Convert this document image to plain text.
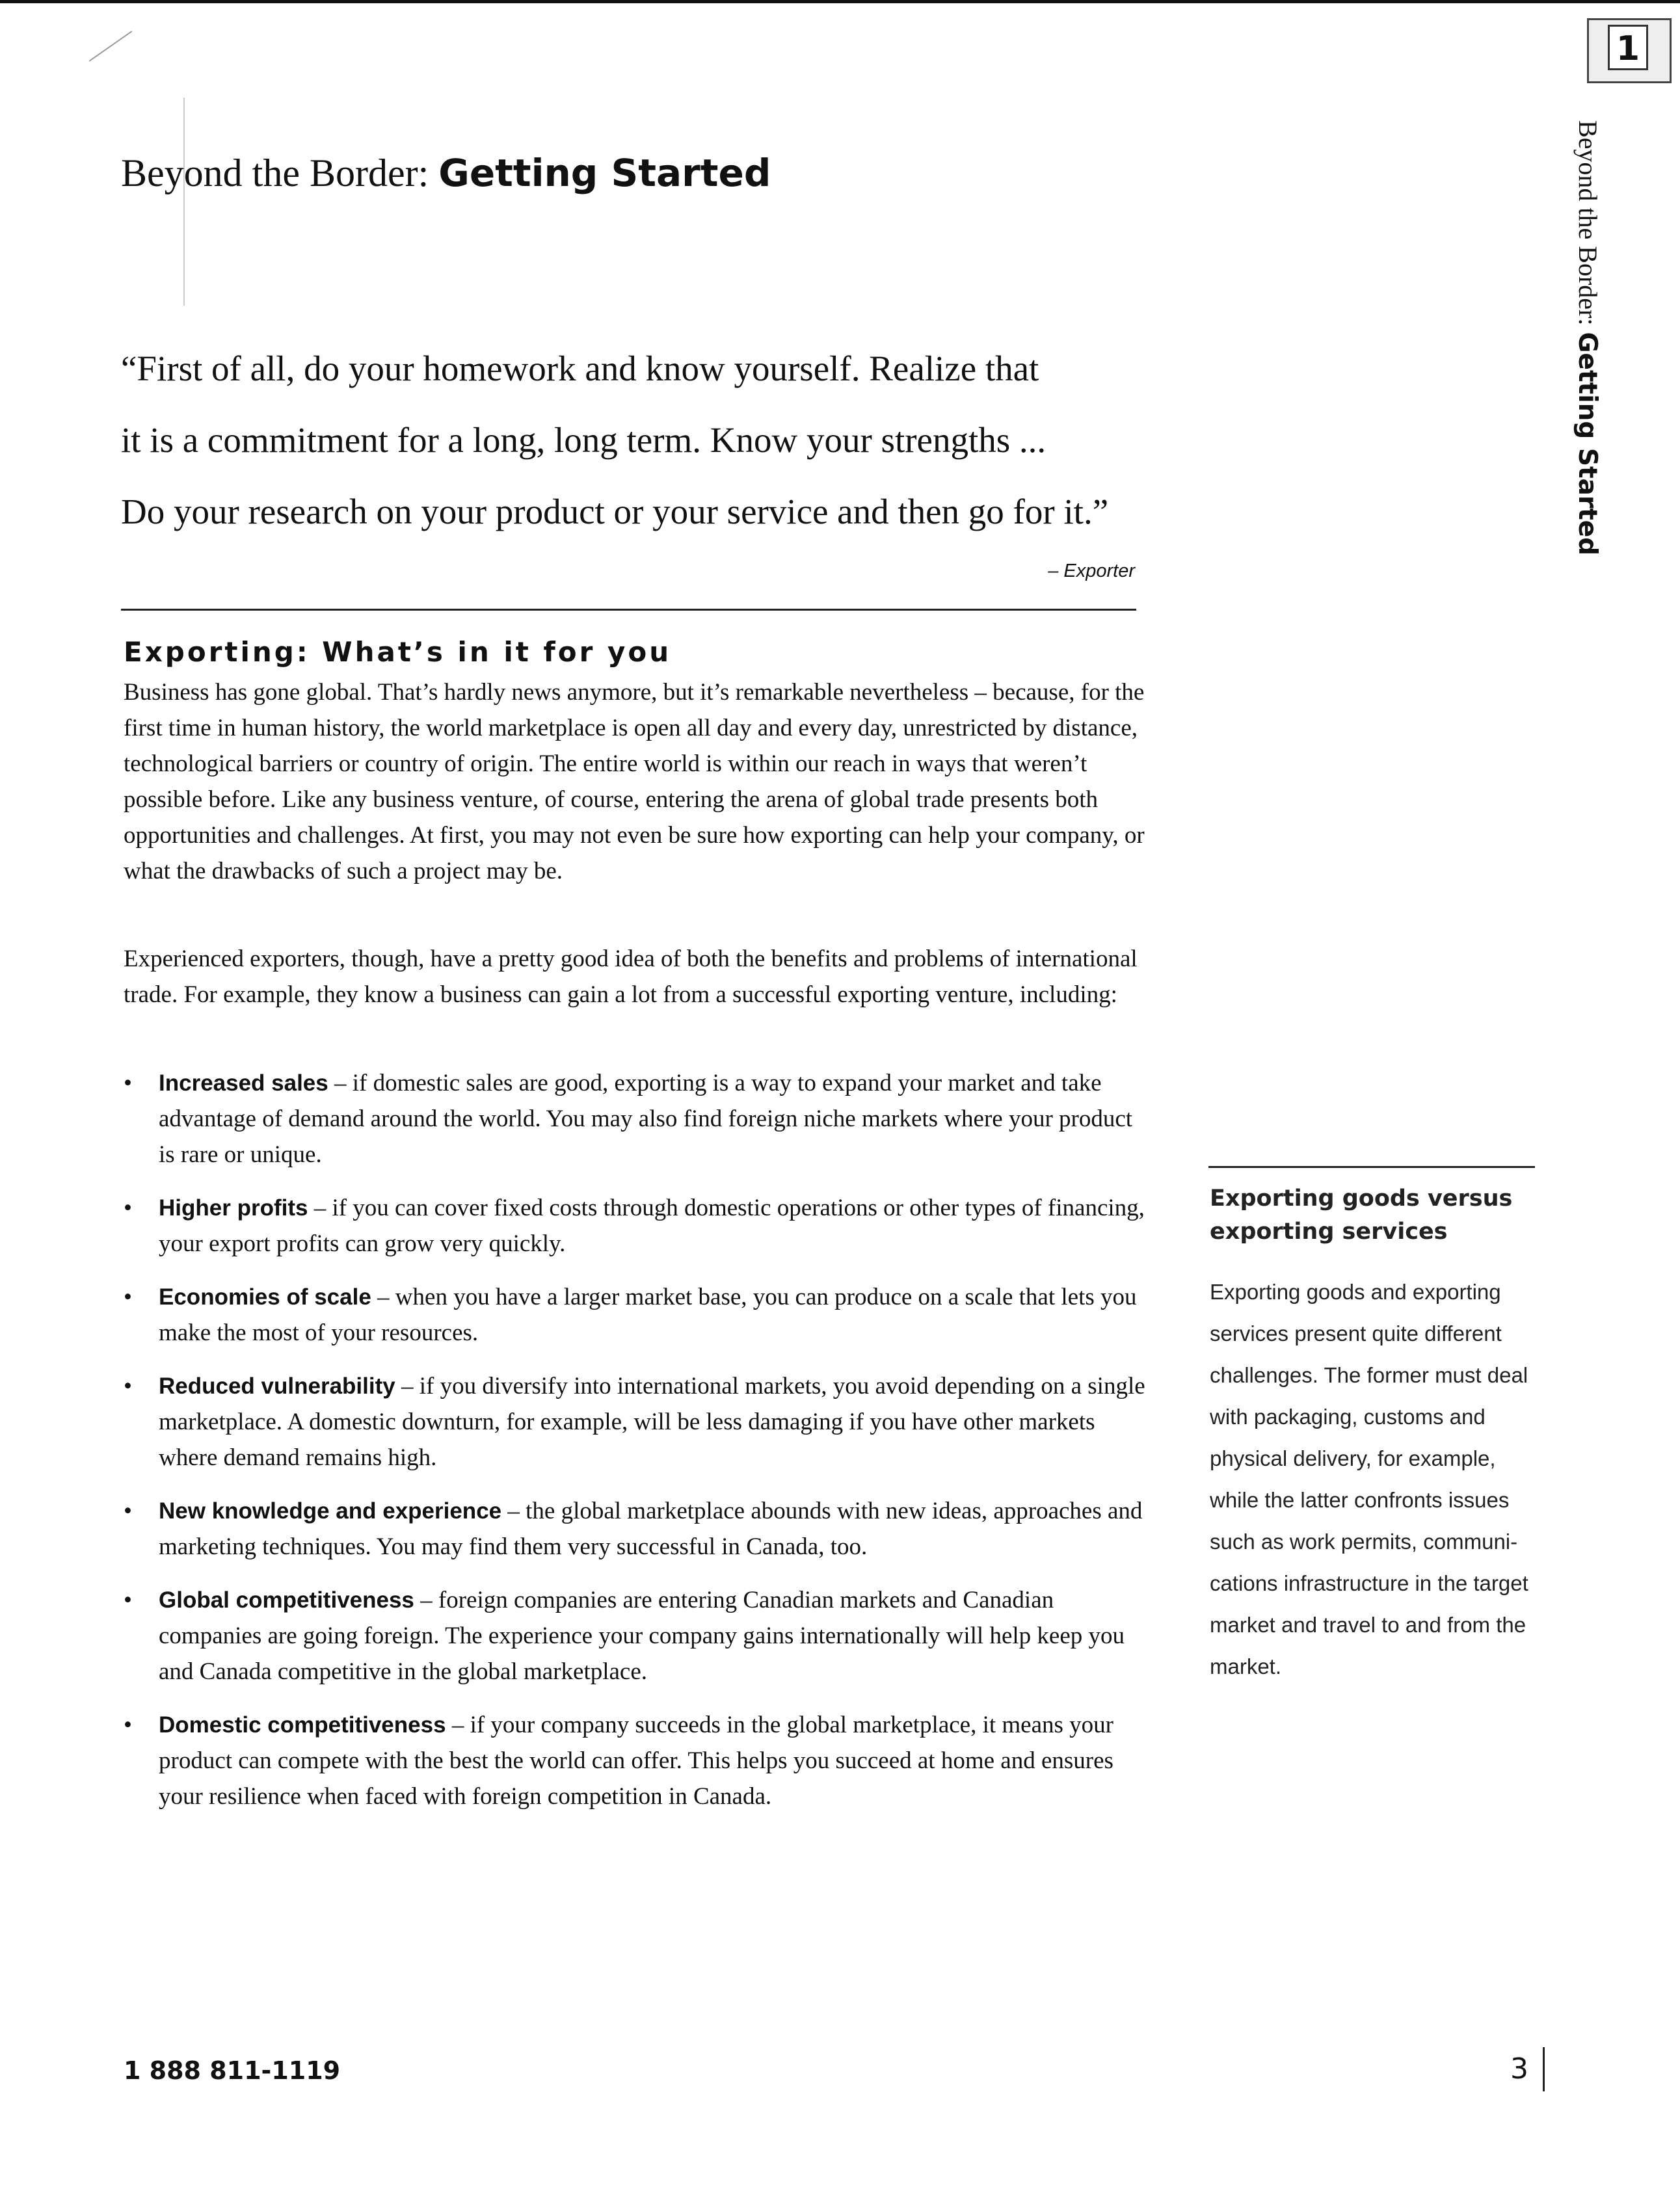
1
Beyond the Border: Getting Started
Beyond the Border: Getting Started
“First of all, do your homework and know yourself. Realize that
it is a commitment for a long, long term. Know your strengths ...
Do your research on your product or your service and then go for it.”
– Exporter
Exporting: What’s in it for you

Business has gone global. That’s hardly news anymore, but it’s remarkable nevertheless – because, for the first time in human history, the world marketplace is open all day and every day, unrestricted by distance, technological barriers or country of origin. The entire world is within our reach in ways that weren’t possible before. Like any business venture, of course, entering the arena of global trade presents both opportunities and challenges. At first, you may not even be sure how exporting can help your company, or what the drawbacks of such a project may be.

Experienced exporters, though, have a pretty good idea of both the benefits and problems of international trade. For example, they know a business can gain a lot from a successful exporting venture, including:

• Increased sales – if domestic sales are good, exporting is a way to expand your market and take advantage of demand around the world. You may also find foreign niche markets where your product is rare or unique.
• Higher profits – if you can cover fixed costs through domestic operations or other types of financing, your export profits can grow very quickly.
• Economies of scale – when you have a larger market base, you can produce on a scale that lets you make the most of your resources.
• Reduced vulnerability – if you diversify into international markets, you avoid depending on a single marketplace. A domestic downturn, for example, will be less damaging if you have other markets where demand remains high.
• New knowledge and experience – the global marketplace abounds with new ideas, approaches and marketing techniques. You may find them very successful in Canada, too.
• Global competitiveness – foreign companies are entering Canadian markets and Canadian companies are going foreign. The experience your company gains internationally will help keep you and Canada competitive in the global marketplace.
• Domestic competitiveness – if your company succeeds in the global marketplace, it means your product can compete with the best the world can offer. This helps you succeed at home and ensures your resilience when faced with foreign competition in Canada.
Exporting goods versus exporting services
Exporting goods and exporting services present quite different challenges. The former must deal with packaging, customs and physical delivery, for example, while the latter confronts issues such as work permits, communi-cations infrastructure in the target market and travel to and from the market.
1 888 811-1119	3
